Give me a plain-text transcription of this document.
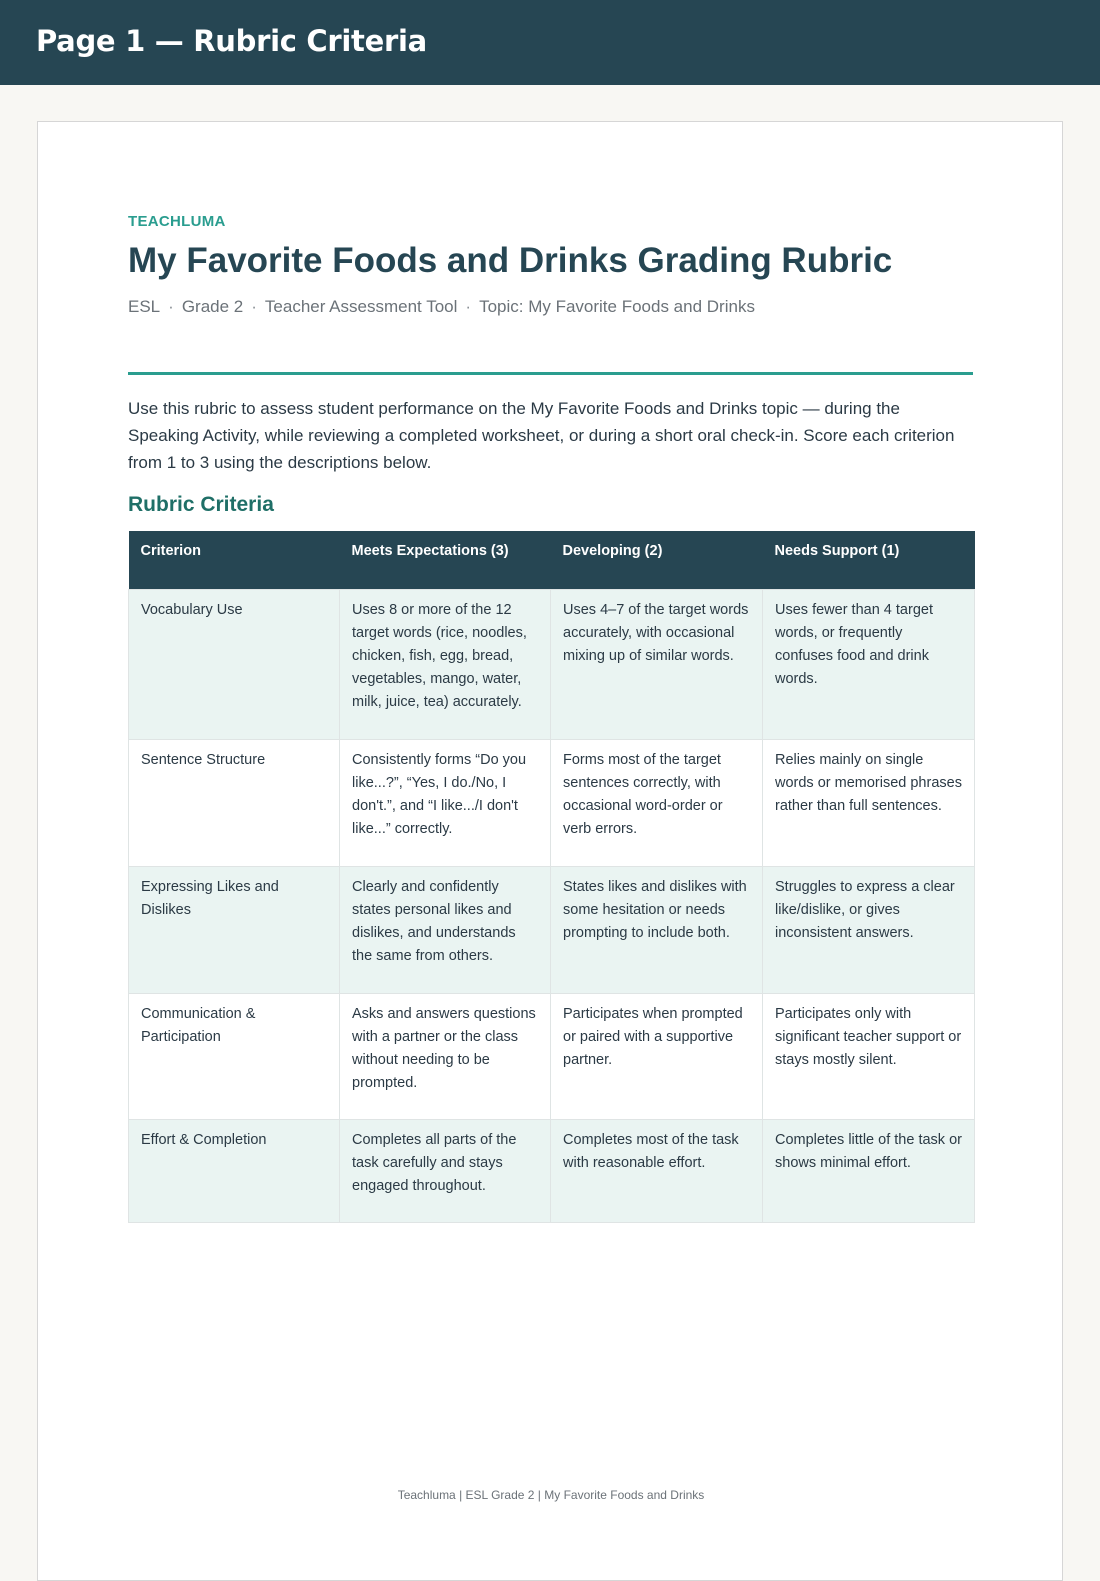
Page 1 — Rubric Criteria
TEACHLUMA
My Favorite Foods and Drinks Grading Rubric
ESL · Grade 2 · Teacher Assessment Tool · Topic: My Favorite Foods and Drinks
Use this rubric to assess student performance on the My Favorite Foods and Drinks topic — during the Speaking Activity, while reviewing a completed worksheet, or during a short oral check-in. Score each criterion from 1 to 3 using the descriptions below.
Rubric Criteria
Criterion	Meets Expectations (3)	Developing (2)	Needs Support (1)
Vocabulary Use	Uses 8 or more of the 12 target words (rice, noodles, chicken, fish, egg, bread, vegetables, mango, water, milk, juice, tea) accurately.	Uses 4–7 of the target words accurately, with occasional mixing up of similar words.	Uses fewer than 4 target words, or frequently confuses food and drink words.
Sentence Structure	Consistently forms “Do you like...?”, “Yes, I do./No, I don't.”, and “I like.../I don't like...” correctly.	Forms most of the target sentences correctly, with occasional word-order or verb errors.	Relies mainly on single words or memorised phrases rather than full sentences.
Expressing Likes and Dislikes	Clearly and confidently states personal likes and dislikes, and understands the same from others.	States likes and dislikes with some hesitation or needs prompting to include both.	Struggles to express a clear like/dislike, or gives inconsistent answers.
Communication & Participation	Asks and answers questions with a partner or the class without needing to be prompted.	Participates when prompted or paired with a supportive partner.	Participates only with significant teacher support or stays mostly silent.
Effort & Completion	Completes all parts of the task carefully and stays engaged throughout.	Completes most of the task with reasonable effort.	Completes little of the task or shows minimal effort.
Teachluma | ESL Grade 2 | My Favorite Foods and Drinks
